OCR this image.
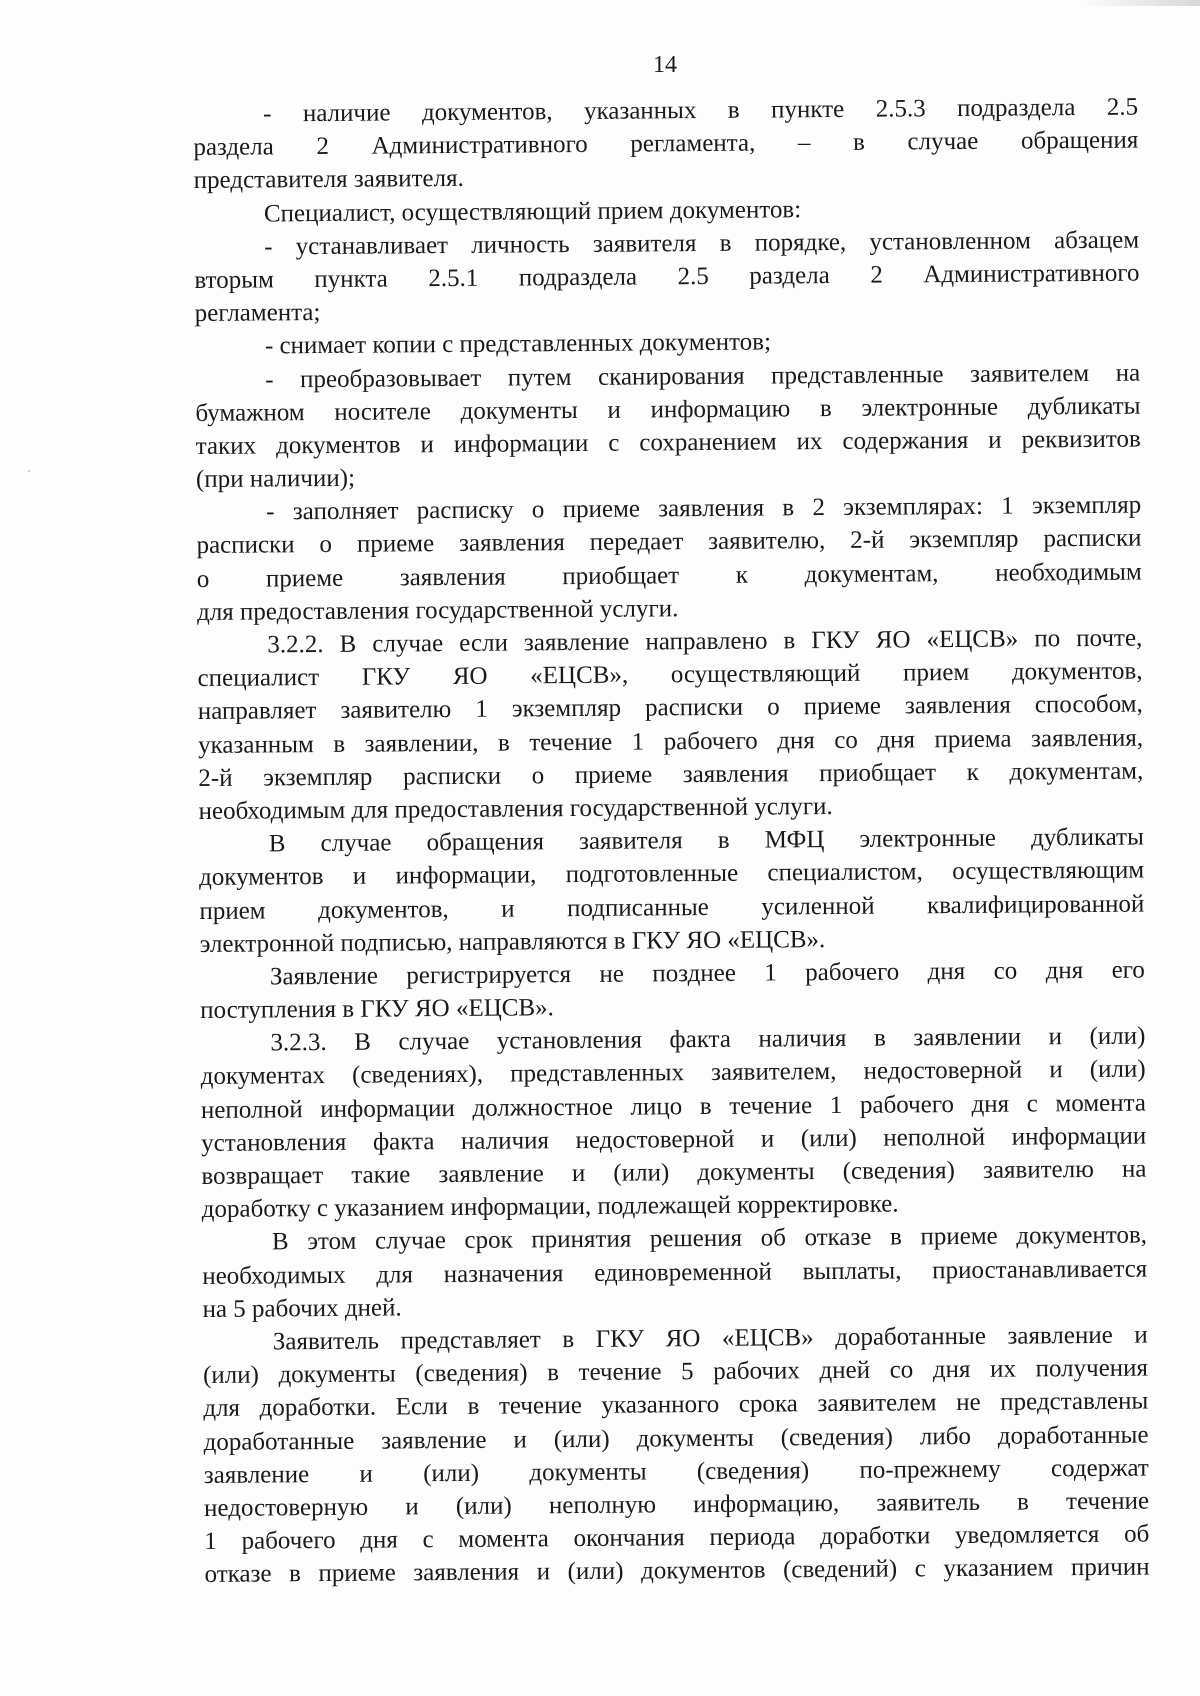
14
- наличие документов, указанных в пункте 2.5.3 подраздела 2.5
раздела 2 Административного регламента, – в случае обращения
представителя заявителя.
Специалист, осуществляющий прием документов:
- устанавливает личность заявителя в порядке, установленном абзацем
вторым пункта 2.5.1 подраздела 2.5 раздела 2 Административного
регламента;
- снимает копии с представленных документов;
- преобразовывает путем сканирования представленные заявителем на
бумажном носителе документы и информацию в электронные дубликаты
таких документов и информации с сохранением их содержания и реквизитов
(при наличии);
- заполняет расписку о приеме заявления в 2 экземплярах: 1 экземпляр
расписки о приеме заявления передает заявителю, 2-й экземпляр расписки
о приеме заявления приобщает к документам, необходимым
для предоставления государственной услуги.
3.2.2. В случае если заявление направлено в ГКУ ЯО «ЕЦСВ» по почте,
специалист ГКУ ЯО «ЕЦСВ», осуществляющий прием документов,
направляет заявителю 1 экземпляр расписки о приеме заявления способом,
указанным в заявлении, в течение 1 рабочего дня со дня приема заявления,
2-й экземпляр расписки о приеме заявления приобщает к документам,
необходимым для предоставления государственной услуги.
В случае обращения заявителя в МФЦ электронные дубликаты
документов и информации, подготовленные специалистом, осуществляющим
прием документов, и подписанные усиленной квалифицированной
электронной подписью, направляются в ГКУ ЯО «ЕЦСВ».
Заявление регистрируется не позднее 1 рабочего дня со дня его
поступления в ГКУ ЯО «ЕЦСВ».
3.2.3. В случае установления факта наличия в заявлении и (или)
документах (сведениях), представленных заявителем, недостоверной и (или)
неполной информации должностное лицо в течение 1 рабочего дня с момента
установления факта наличия недостоверной и (или) неполной информации
возвращает такие заявление и (или) документы (сведения) заявителю на
доработку с указанием информации, подлежащей корректировке.
В этом случае срок принятия решения об отказе в приеме документов,
необходимых для назначения единовременной выплаты, приостанавливается
на 5 рабочих дней.
Заявитель представляет в ГКУ ЯО «ЕЦСВ» доработанные заявление и
(или) документы (сведения) в течение 5 рабочих дней со дня их получения
для доработки. Если в течение указанного срока заявителем не представлены
доработанные заявление и (или) документы (сведения) либо доработанные
заявление и (или) документы (сведения) по-прежнему содержат
недостоверную и (или) неполную информацию, заявитель в течение
1 рабочего дня с момента окончания периода доработки уведомляется об
отказе в приеме заявления и (или) документов (сведений) с указанием причин
